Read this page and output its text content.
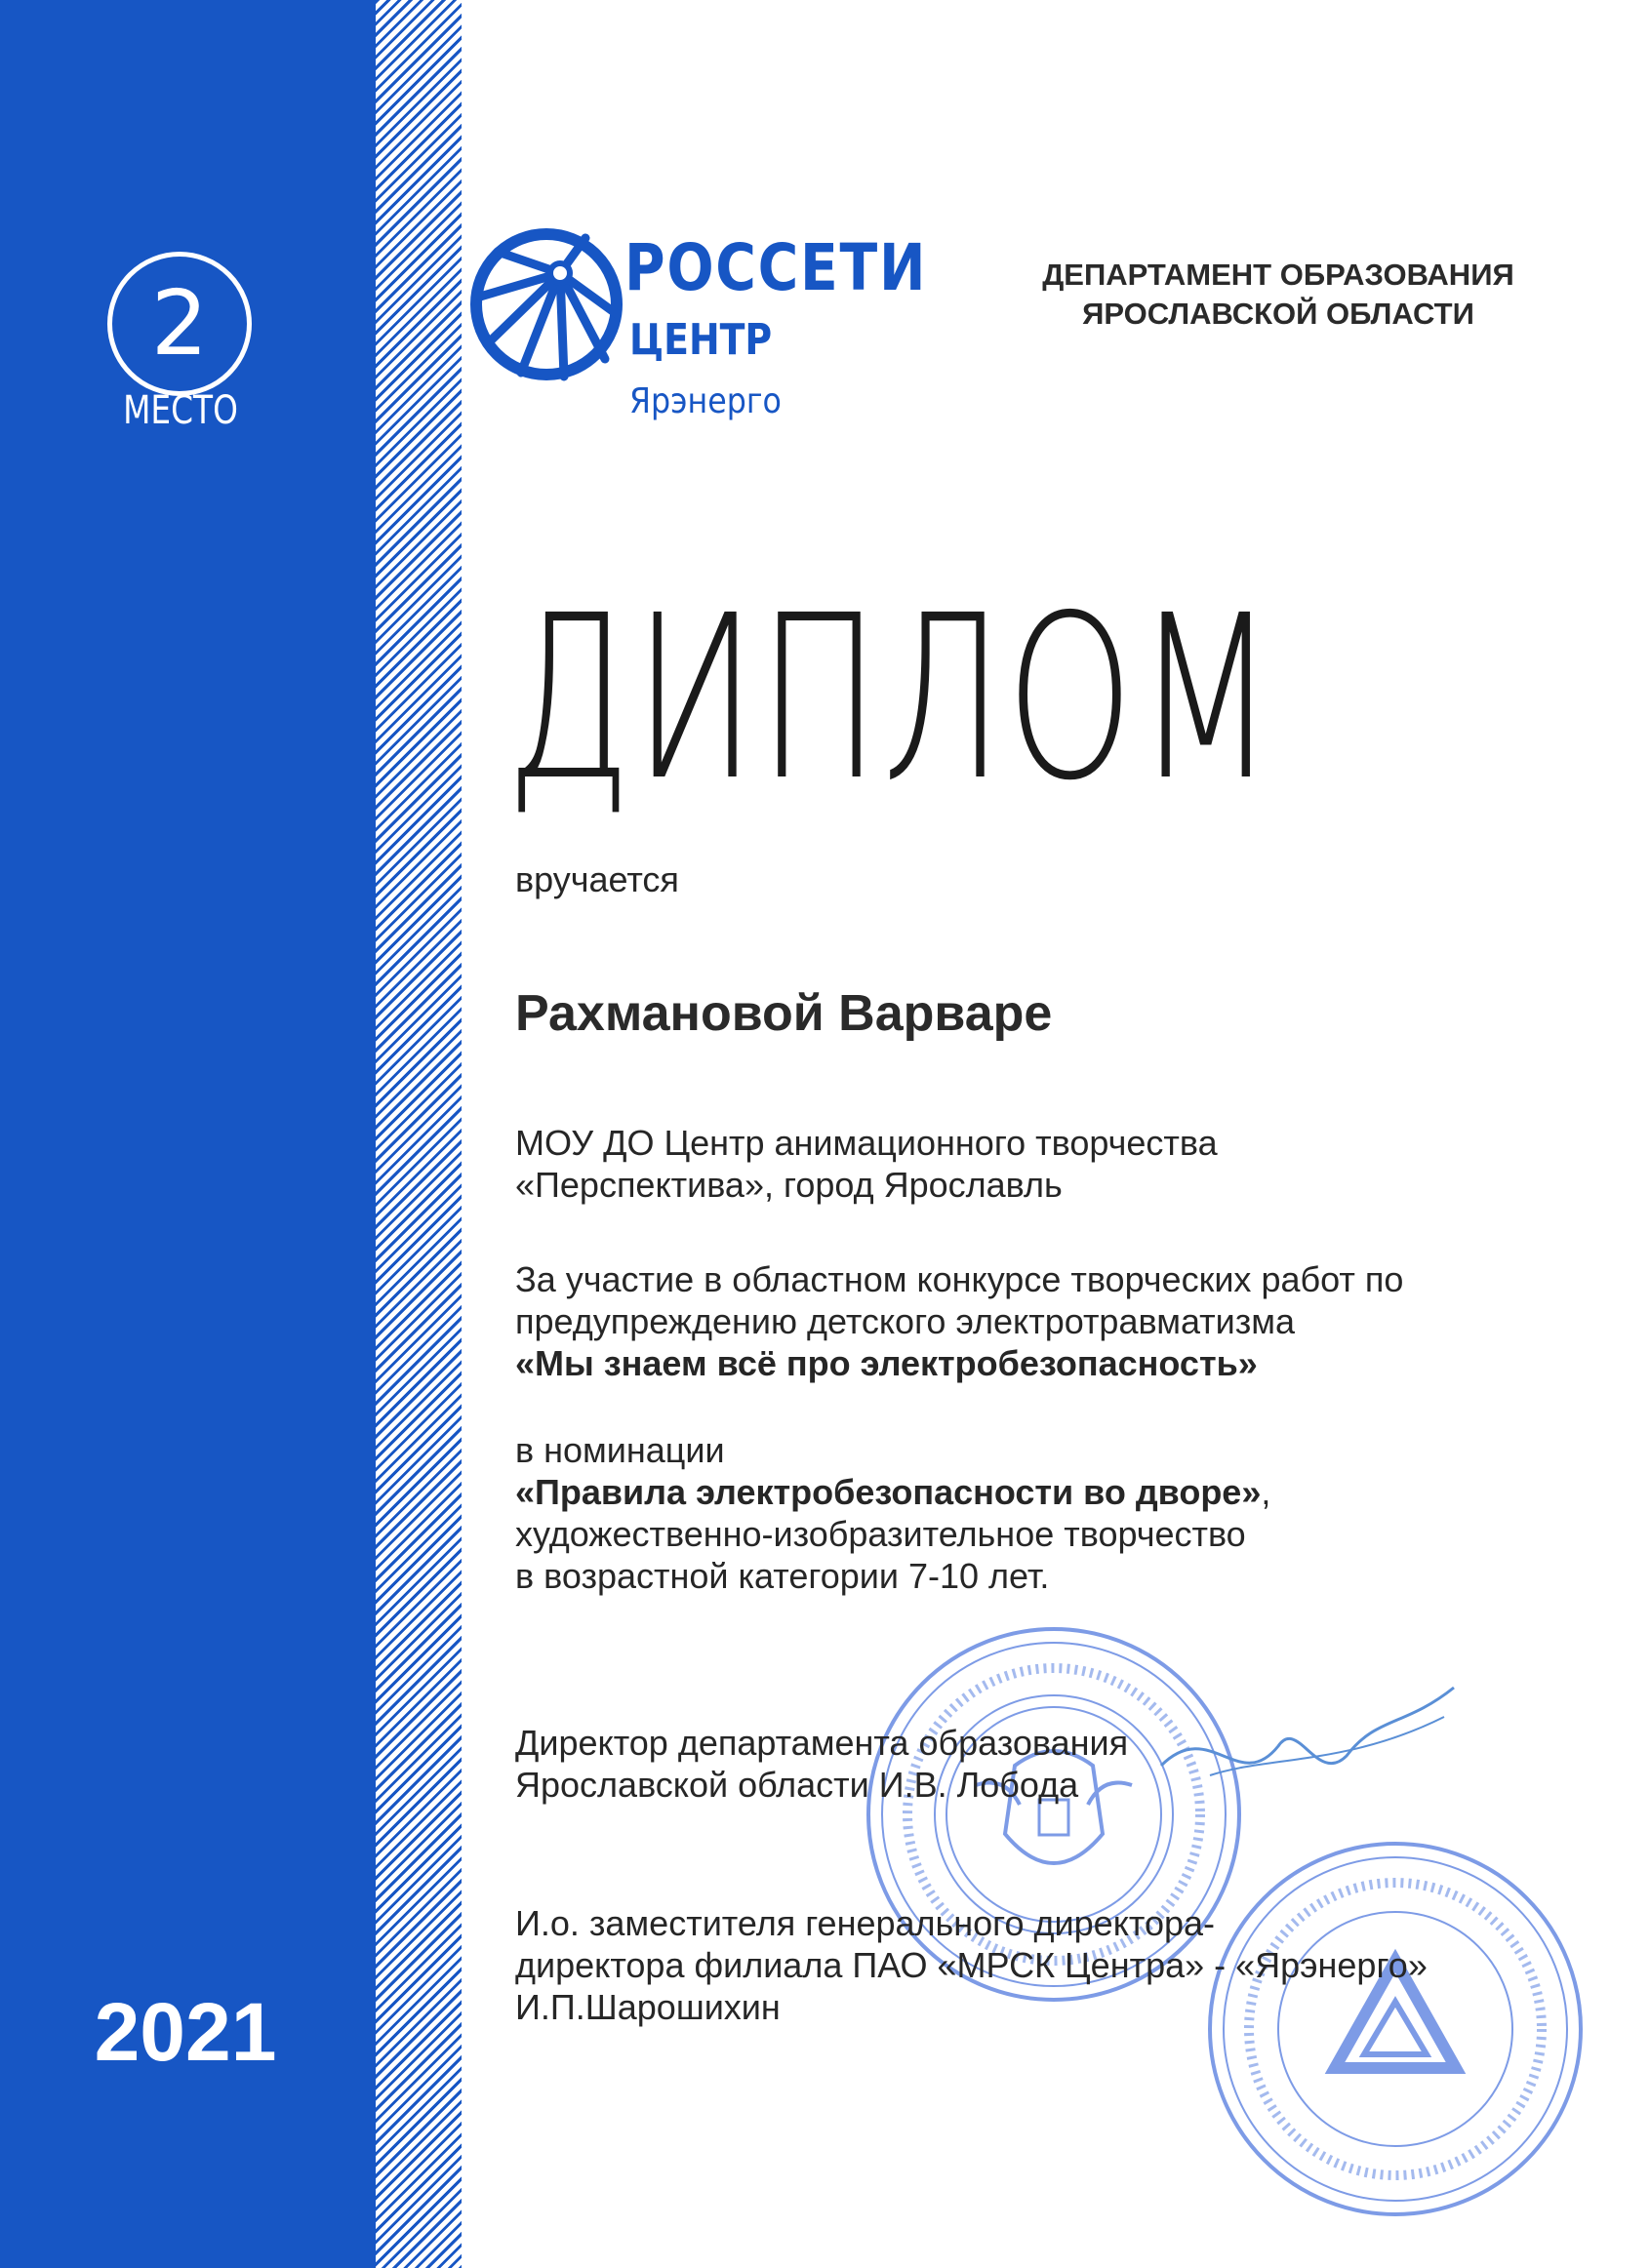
2
МЕСТО
2021
РОССЕТИ
ЦЕНТР
Ярэнерго
ДЕПАРТАМЕНТ ОБРАЗОВАНИЯ
ЯРОСЛАВСКОЙ ОБЛАСТИ
ДИПЛОМ
вручается
Рахмановой Варваре
МОУ ДО Центр анимационного творчества
«Перспектива», город Ярославль
За участие в областном конкурсе творческих работ по
предупреждению детского электротравматизма
«Мы знаем всё про электробезопасность»
в номинации
«Правила электробезопасности во дворе»,
художественно-изобразительное творчество
в возрастной категории 7-10 лет.
Директор департамента образования
Ярославской области И.В. Лобода
И.о. заместителя генерального директора-
директора филиала ПАО «МРСК Центра» - «Ярэнерго»
И.П.Шарошихин
